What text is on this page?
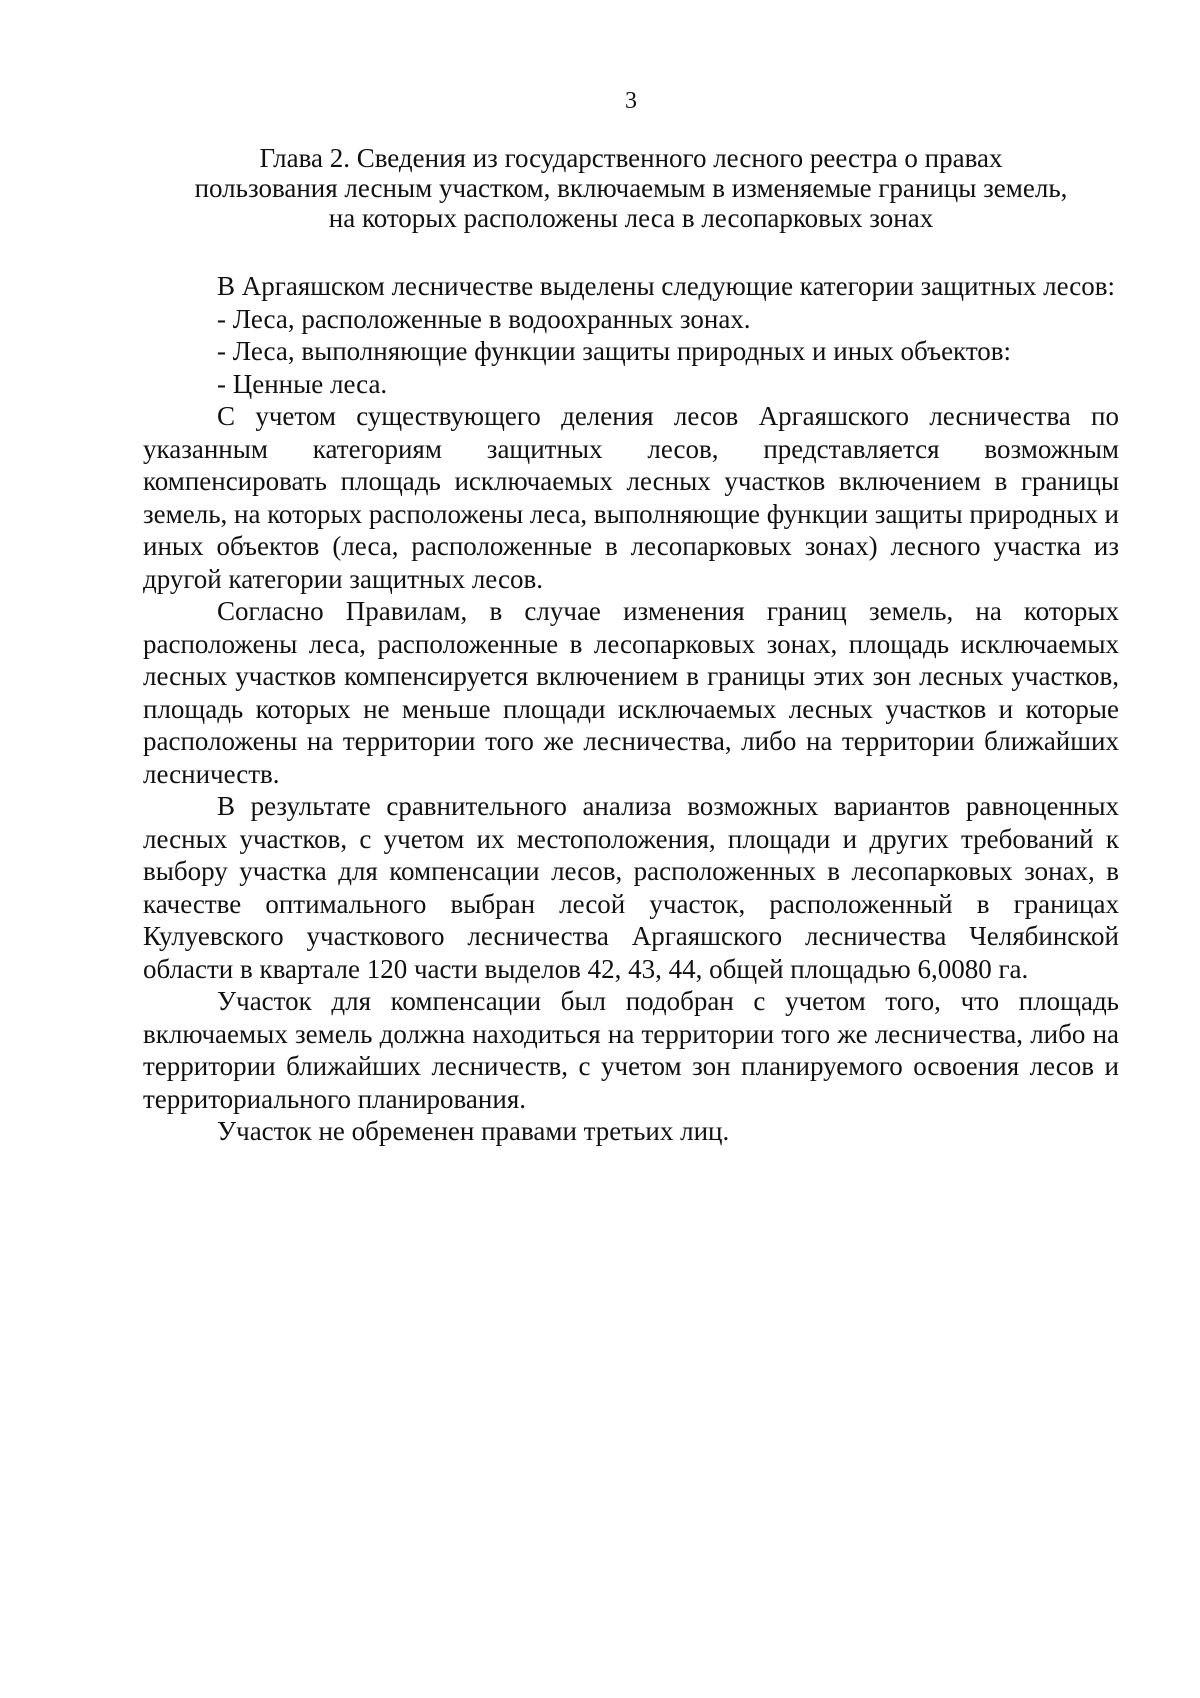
3
Глава 2. Сведения из государственного лесного реестра о правах
пользования лесным участком, включаемым в изменяемые границы земель,
на которых расположены леса в лесопарковых зонах

В Аргаяшском лесничестве выделены следующие категории защитных лесов:

- Леса, расположенные в водоохранных зонах.

- Леса, выполняющие функции защиты природных и иных объектов:

- Ценные леса.

С учетом существующего деления лесов Аргаяшского лесничества по указанным категориям защитных лесов, представляется возможным компенсировать площадь исключаемых лесных участков включением в границы земель, на которых расположены леса, выполняющие функции защиты природных и иных объектов (леса, расположенные в лесопарковых зонах) лесного участка из другой категории защитных лесов.

Согласно Правилам, в случае изменения границ земель, на которых расположены леса, расположенные в лесопарковых зонах, площадь исключаемых лесных участков компенсируется включением в границы этих зон лесных участков, площадь которых не меньше площади исключаемых лесных участков и которые расположены на территории того же лесничества, либо на территории ближайших лесничеств.

В результате сравнительного анализа возможных вариантов равноценных лесных участков, с учетом их местоположения, площади и других требований к выбору участка для компенсации лесов, расположенных в лесопарковых зонах, в качестве оптимального выбран лесой участок, расположенный в границах Кулуевского участкового лесничества Аргаяшского лесничества Челябинской области в квартале 120 части выделов 42, 43, 44, общей площадью 6,0080 га.

Участок для компенсации был подобран с учетом того, что площадь включаемых земель должна находиться на территории того же лесничества, либо на территории ближайших лесничеств, с учетом зон планируемого освоения лесов и территориального планирования.

Участок не обременен правами третьих лиц.
